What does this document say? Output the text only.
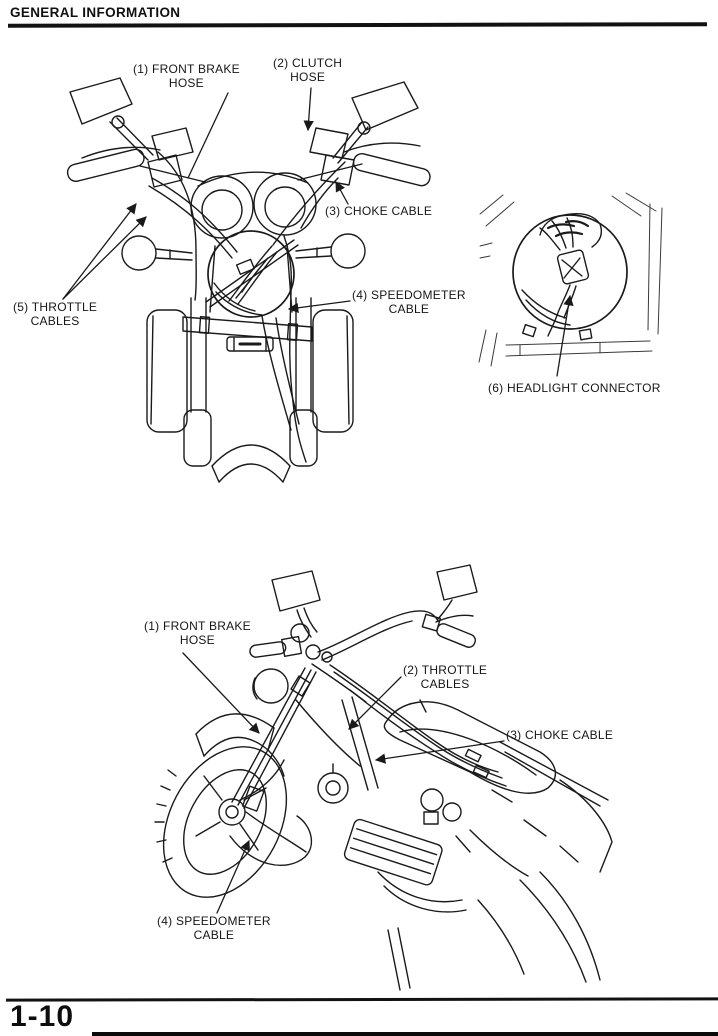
GENERAL INFORMATION
(1) FRONT BRAKE
HOSE
(2) CLUTCH
HOSE
(3) CHOKE CABLE
(4) SPEEDOMETER
CABLE
(5) THROTTLE
CABLES
(6) HEADLIGHT CONNECTOR
(1) FRONT BRAKE
HOSE
(2) THROTTLE
CABLES
(3) CHOKE CABLE
(4) SPEEDOMETER
CABLE
1-10
